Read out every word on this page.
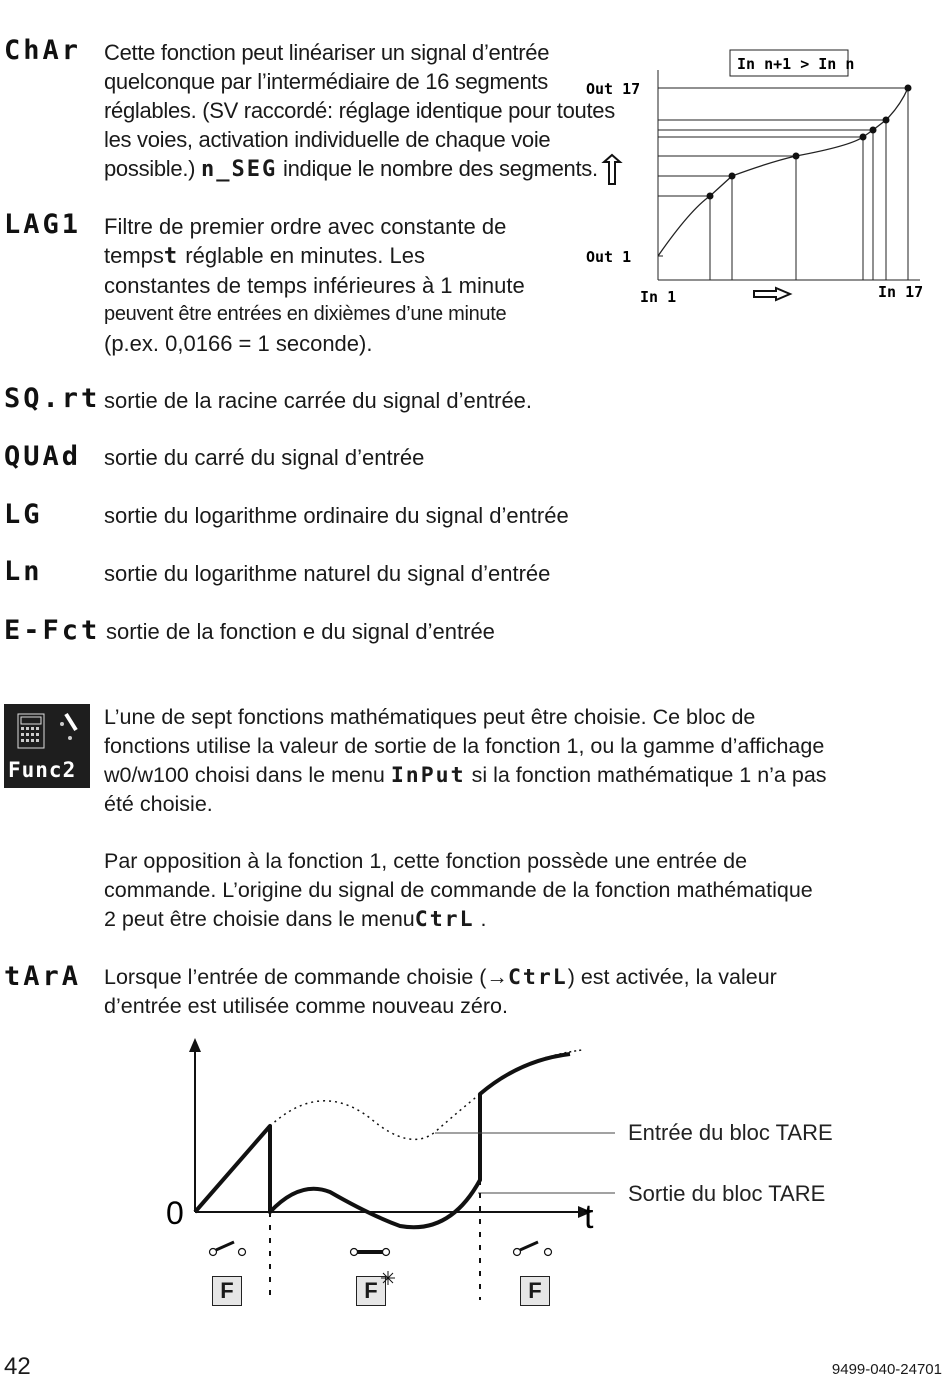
ChAr Cette fonction peut linéariser un signal d’entrée
quelconque par l’intermédiaire de 16 segments
réglables. (SV raccordé: réglage identique pour toutes
les voies, activation individuelle de chaque voie
possible.) n_SEG indique le nombre des segments.
LAG1 Filtre de premier ordre avec constante de
tempst réglable en minutes. Les
constantes de temps inférieures à 1 minute
peuvent être entrées en dixièmes d’une minute
(p.ex. 0,0166 = 1 seconde).
In n+1 > In n
Out 17
Out 1
In 1	In 17
SQ.rt sortie de la racine carrée du signal d’entrée.
QUAd sortie du carré du signal d’entrée
LG	sortie du logarithme ordinaire du signal d’entrée
Ln	sortie du logarithme naturel du signal d’entrée
E-Fct sortie de la fonction e du signal d’entrée
Func2
L’une de sept fonctions mathématiques peut être choisie. Ce bloc de
fonctions utilise la valeur de sortie de la fonction 1, ou la gamme d’affichage
w0/w100 choisi dans le menu InPut si la fonction mathématique 1 n’a pas
été choisie.
Par opposition à la fonction 1, cette fonction possède une entrée de
commande. L’origine du signal de commande de la fonction mathématique
2 peut être choisie dans le menuCtrL .
tArA Lorsque l’entrée de commande choisie (→CtrL) est activée, la valeur
d’entrée est utilisée comme nouveau zéro.
0	t
Entrée du bloc TARE
Sortie du bloc TARE
F	F	F
42	9499-040-24701
